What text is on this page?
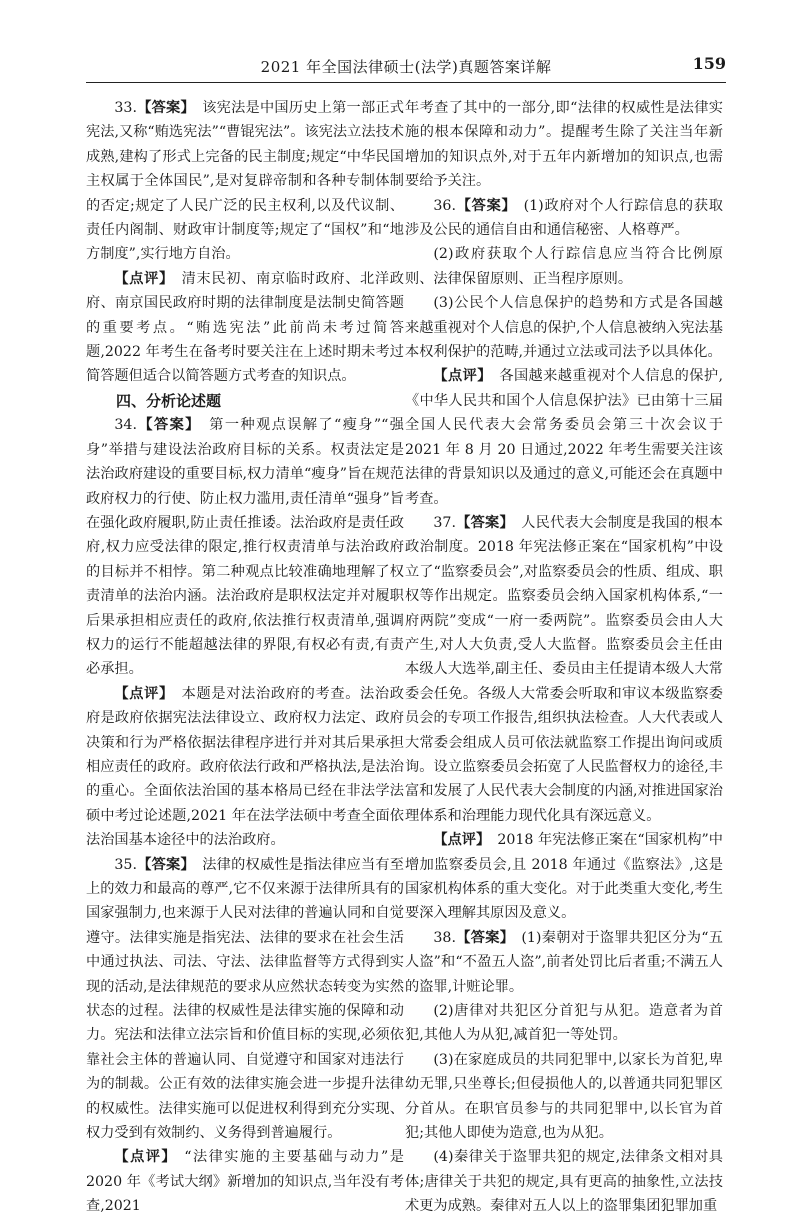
2021 年全国法律硕士(法学)真题答案详解	159

33.【答案】  该宪法是中国历史上第一部正式宪法,又称“贿选宪法”“曹锟宪法”。该宪法立法技术成熟,建构了形式上完备的民主制度;规定“中华民国主权属于全体国民”,是对复辟帝制和各种专制体制的否定;规定了人民广泛的民主权利,以及代议制、责任内阁制、财政审计制度等;规定了“国权”和“地方制度”,实行地方自治。

【点评】  清末民初、南京临时政府、北洋政府、南京国民政府时期的法律制度是法制史简答题的重要考点。“贿选宪法”此前尚未考过简答题,2022 年考生在备考时要关注在上述时期未考过简答题但适合以简答题方式考查的知识点。

四、分析论述题

34.【答案】  第一种观点误解了“瘦身”“强身”举措与建设法治政府目标的关系。权责法定是法治政府建设的重要目标,权力清单“瘦身”旨在规范政府权力的行使、防止权力滥用,责任清单“强身”旨在强化政府履职,防止责任推诿。法治政府是责任政府,权力应受法律的限定,推行权责清单与法治政府的目标并不相悖。第二种观点比较准确地理解了权责清单的法治内涵。法治政府是职权法定并对履职后果承担相应责任的政府,依法推行权责清单,强调权力的运行不能超越法律的界限,有权必有责,有责必承担。

【点评】  本题是对法治政府的考查。法治政府是政府依据宪法法律设立、政府权力法定、政府决策和行为严格依据法律程序进行并对其后果承担相应责任的政府。政府依法行政和严格执法,是法治的重心。全面依法治国的基本格局已经在非法学法硕中考过论述题,2021 年在法学法硕中考查全面依法治国基本途径中的法治政府。

35.【答案】  法律的权威性是指法律应当有至上的效力和最高的尊严,它不仅来源于法律所具有的国家强制力,也来源于人民对法律的普遍认同和自觉遵守。法律实施是指宪法、法律的要求在社会生活中通过执法、司法、守法、法律监督等方式得到实现的活动,是法律规范的要求从应然状态转变为实然状态的过程。法律的权威性是法律实施的保障和动力。宪法和法律立法宗旨和价值目标的实现,必须依靠社会主体的普遍认同、自觉遵守和国家对违法行为的制裁。公正有效的法律实施会进一步提升法律的权威性。法律实施可以促进权利得到充分实现、权力受到有效制约、义务得到普遍履行。

【点评】  “法律实施的主要基础与动力”是 2020 年《考试大纲》新增加的知识点,当年没有考查,2021

年考查了其中的一部分,即“法律的权威性是法律实施的根本保障和动力”。提醒考生除了关注当年新增加的知识点外,对于五年内新增加的知识点,也需要给予关注。

36.【答案】  (1)政府对个人行踪信息的获取涉及公民的通信自由和通信秘密、人格尊严。

(2)政府获取个人行踪信息应当符合比例原则、法律保留原则、正当程序原则。

(3)公民个人信息保护的趋势和方式是各国越来越重视对个人信息的保护,个人信息被纳入宪法基本权利保护的范畴,并通过立法或司法予以具体化。

【点评】  各国越来越重视对个人信息的保护,《中华人民共和国个人信息保护法》已由第十三届全国人民代表大会常务委员会第三十次会议于 2021 年 8 月 20 日通过,2022 年考生需要关注该法律的背景知识以及通过的意义,可能还会在真题中考查。

37.【答案】  人民代表大会制度是我国的根本政治制度。2018 年宪法修正案在“国家机构”中设立了“监察委员会”,对监察委员会的性质、组成、职权等作出规定。监察委员会纳入国家机构体系,“一府两院”变成“一府一委两院”。监察委员会由人大产生,对人大负责,受人大监督。监察委员会主任由本级人大选举,副主任、委员由主任提请本级人大常委会任免。各级人大常委会听取和审议本级监察委员会的专项工作报告,组织执法检查。人大代表或人大常委会组成人员可依法就监察工作提出询问或质询。设立监察委员会拓宽了人民监督权力的途径,丰富和发展了人民代表大会制度的内涵,对推进国家治理体系和治理能力现代化具有深远意义。

【点评】  2018 年宪法修正案在“国家机构”中增加监察委员会,且 2018 年通过《监察法》,这是国家机构体系的重大变化。对于此类重大变化,考生要深入理解其原因及意义。

38.【答案】  (1)秦朝对于盗罪共犯区分为“五人盗”和“不盈五人盗”,前者处罚比后者重;不满五人的盗罪,计赃论罪。

(2)唐律对共犯区分首犯与从犯。造意者为首犯,其他人为从犯,减首犯一等处罚。

(3)在家庭成员的共同犯罪中,以家长为首犯,卑幼无罪,只坐尊长;但侵损他人的,以普通共同犯罪区分首从。在职官员参与的共同犯罪中,以长官为首犯;其他人即使为造意,也为从犯。

(4)秦律关于盗罪共犯的规定,法律条文相对具体;唐律关于共犯的规定,具有更高的抽象性,立法技术更为成熟。秦律对五人以上的盗罪集团犯罪加重
